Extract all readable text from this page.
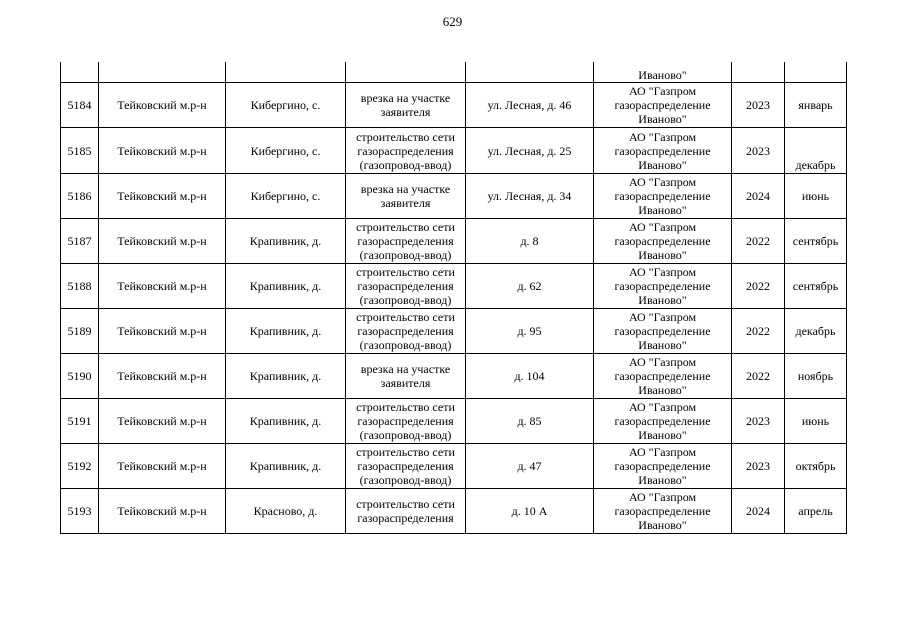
629
					Иваново"		
5184	Тейковский м.р-н	Кибергино, с.	врезка на участке
заявителя	ул. Лесная, д. 46	АО "Газпром
газораспределение
Иваново"	2023	январь
5185	Тейковский м.р-н	Кибергино, с.	строительство сети
газораспределения
(газопровод-ввод)	ул. Лесная, д. 25	АО "Газпром
газораспределение
Иваново"	2023	декабрь
5186	Тейковский м.р-н	Кибергино, с.	врезка на участке
заявителя	ул. Лесная, д. 34	АО "Газпром
газораспределение
Иваново"	2024	июнь
5187	Тейковский м.р-н	Крапивник, д.	строительство сети
газораспределения
(газопровод-ввод)	д. 8	АО "Газпром
газораспределение
Иваново"	2022	сентябрь
5188	Тейковский м.р-н	Крапивник, д.	строительство сети
газораспределения
(газопровод-ввод)	д. 62	АО "Газпром
газораспределение
Иваново"	2022	сентябрь
5189	Тейковский м.р-н	Крапивник, д.	строительство сети
газораспределения
(газопровод-ввод)	д. 95	АО "Газпром
газораспределение
Иваново"	2022	декабрь
5190	Тейковский м.р-н	Крапивник, д.	врезка на участке
заявителя	д. 104	АО "Газпром
газораспределение
Иваново"	2022	ноябрь
5191	Тейковский м.р-н	Крапивник, д.	строительство сети
газораспределения
(газопровод-ввод)	д. 85	АО "Газпром
газораспределение
Иваново"	2023	июнь
5192	Тейковский м.р-н	Крапивник, д.	строительство сети
газораспределения
(газопровод-ввод)	д. 47	АО "Газпром
газораспределение
Иваново"	2023	октябрь
5193	Тейковский м.р-н	Красново, д.	строительство сети
газораспределения	д. 10 А	АО "Газпром
газораспределение
Иваново"	2024	апрель
